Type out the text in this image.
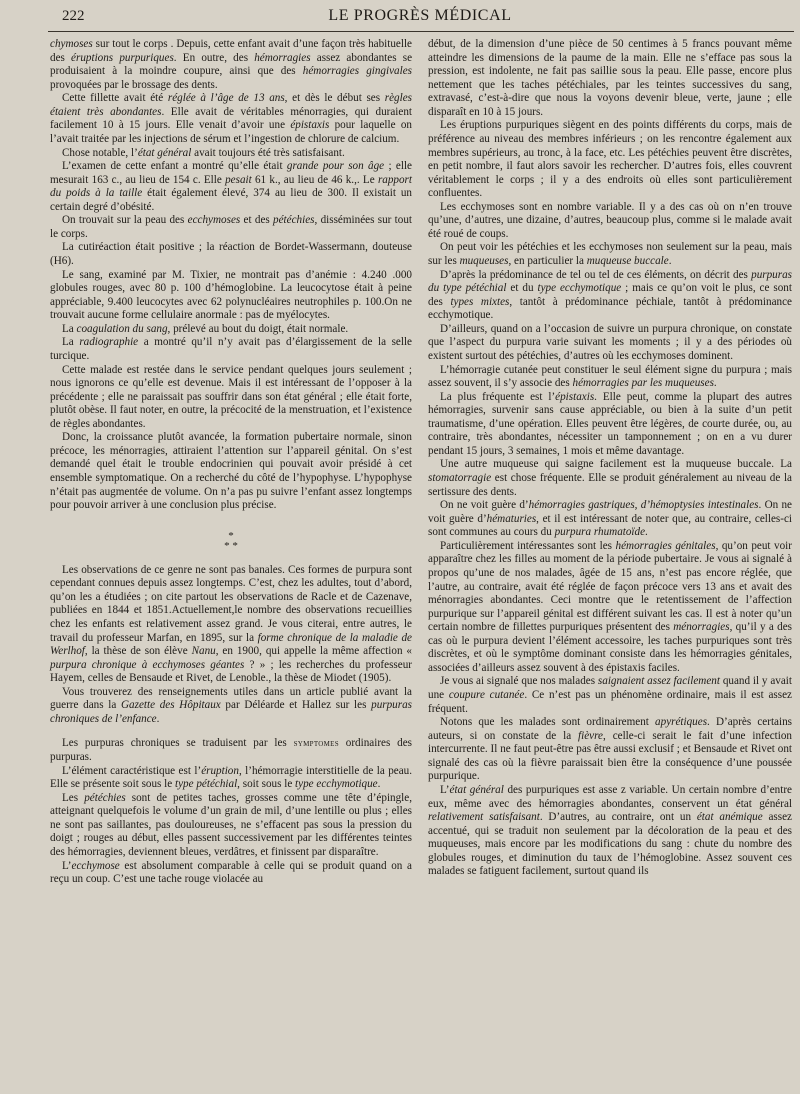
222	LE PROGRÈS MÉDICAL

chymoses sur tout le corps . Depuis, cette enfant avait d’une façon très habituelle des éruptions purpuriques. En outre, des hémorragies assez abondantes se produisaient à la moindre coupure, ainsi que des hémorragies gingivales provoquées par le brossage des dents.

Cette fillette avait été réglée à l’âge de 13 ans, et dès le début ses règles étaient très abondantes. Elle avait de véritables ménorragies, qui duraient facilement 10 à 15 jours. Elle venait d’avoir une épistaxis pour laquelle on l’avait traitée par les injections de sérum et l’ingestion de chlorure de calcium.

Chose notable, l’état général avait toujours été très satisfaisant.

L’examen de cette enfant a montré qu’elle était grande pour son âge ; elle mesurait 163 c., au lieu de 154 c. Elle pesait 61 k., au lieu de 46 k.,. Le rapport du poids à la taille était également élevé, 374 au lieu de 300. Il existait un certain degré d’obésité.

On trouvait sur la peau des ecchymoses et des pétéchies, disséminées sur tout le corps.

La cutiréaction était positive ; la réaction de Bordet-Wassermann, douteuse (H6).

Le sang, examiné par M. Tixier, ne montrait pas d’anémie : 4.240 .000 globules rouges, avec 80 p. 100 d’hémoglobine. La leucocytose était à peine appréciable, 9.400 leucocytes avec 62 polynucléaires neutrophiles p. 100.On ne trouvait aucune forme cellulaire anormale : pas de myélocytes.

La coagulation du sang, prélevé au bout du doigt, était normale.

La radiographie a montré qu’il n’y avait pas d’élargissement de la selle turcique.

Cette malade est restée dans le service pendant quelques jours seulement ; nous ignorons ce qu’elle est devenue. Mais il est intéressant de l’opposer à la précédente ; elle ne paraissait pas souffrir dans son état général ; elle était forte, plutôt obèse. Il faut noter, en outre, la précocité de la menstruation, et l’existence de règles abondantes.

Donc, la croissance plutôt avancée, la formation pubertaire normale, sinon précoce, les ménorragies, attiraient l’attention sur l’appareil génital. On s’est demandé quel était le trouble endocrinien qui pouvait avoir présidé à cet ensemble symptomatique. On a recherché du côté de l’hypophyse. L’hypophyse n’était pas augmentée de volume. On n’a pas pu suivre l’enfant assez longtemps pour pouvoir arriver à une conclusion plus précise.

*
* *

Les observations de ce genre ne sont pas banales. Ces formes de purpura sont cependant connues depuis assez longtemps. C’est, chez les adultes, tout d’abord, qu’on les a étudiées ; on cite partout les observations de Racle et de Cazenave, publiées en 1844 et 1851.Actuellement,le nombre des observations recueillies chez les enfants est relativement assez grand. Je vous citerai, entre autres, le travail du professeur Marfan, en 1895, sur la forme chronique de la maladie de Werlhof, la thèse de son élève Nanu, en 1900, qui appelle la même affection « purpura chronique à ecchymoses géantes ? » ; les recherches du professeur Hayem, celles de Bensaude et Rivet, de Lenoble., la thèse de Miodet (1905).

Vous trouverez des renseignements utiles dans un article publié avant la guerre dans la Gazette des Hôpitaux par Déléarde et Hallez sur les purpuras chroniques de l’enfance.

Les purpuras chroniques se traduisent par les symptomes ordinaires des purpuras.

L’élément caractéristique est l’éruption, l’hémorragie interstitielle de la peau. Elle se présente soit sous le type pétéchial, soit sous le type ecchymotique.

Les pétéchies sont de petites taches, grosses comme une tête d’épingle, atteignant quelquefois le volume d’un grain de mil, d’une lentille ou plus ; elles ne sont pas saillantes, pas douloureuses, ne s’effacent pas sous la pression du doigt ; rouges au début, elles passent successivement par les différentes teintes des hémorragies, deviennent bleues, verdâtres, et finissent par disparaître.

L’ecchymose est absolument comparable à celle qui se produit quand on a reçu un coup. C’est une tache rouge violacée au

début, de la dimension d’une pièce de 50 centimes à 5 francs pouvant même atteindre les dimensions de la paume de la main. Elle ne s’efface pas sous la pression, est indolente, ne fait pas saillie sous la peau. Elle passe, encore plus nettement que les taches pétéchiales, par les teintes successives du sang, extravasé, c’est-à-dire que nous la voyons devenir bleue, verte, jaune ; elle disparaît en 10 à 15 jours.

Les éruptions purpuriques siègent en des points différents du corps, mais de préférence au niveau des membres inférieurs ; on les rencontre également aux membres supérieurs, au tronc, à la face, etc. Les pétéchies peuvent être discrètes, en petit nombre, il faut alors savoir les rechercher. D’autres fois, elles couvrent véritablement le corps ; il y a des endroits où elles sont particulièrement confluentes.

Les ecchymoses sont en nombre variable. Il y a des cas où on n’en trouve qu’une, d’autres, une dizaine, d’autres, beaucoup plus, comme si le malade avait été roué de coups.

On peut voir les pétéchies et les ecchymoses non seulement sur la peau, mais sur les muqueuses, en particulier la muqueuse buccale.

D’après la prédominance de tel ou tel de ces éléments, on décrit des purpuras du type pétéchial et du type ecchymotique ; mais ce qu’on voit le plus, ce sont des types mixtes, tantôt à prédominance péchiale, tantôt à prédominance ecchymotique.

D’ailleurs, quand on a l’occasion de suivre un purpura chronique, on constate que l’aspect du purpura varie suivant les moments ; il y a des périodes où existent surtout des pétéchies, d’autres où les ecchymoses dominent.

L’hémorragie cutanée peut constituer le seul élément signe du purpura ; mais assez souvent, il s’y associe des hémorragies par les muqueuses.

La plus fréquente est l’épistaxis. Elle peut, comme la plupart des autres hémorragies, survenir sans cause appréciable, ou bien à la suite d’un petit traumatisme, d’une opération. Elles peuvent être légères, de courte durée, ou, au contraire, très abondantes, nécessiter un tamponnement ; on en a vu durer pendant 15 jours, 3 semaines, 1 mois et même davantage.

Une autre muqueuse qui saigne facilement est la muqueuse buccale. La stomatorragie est chose fréquente. Elle se produit généralement au niveau de la sertissure des dents.

On ne voit guère d’hémorragies gastriques, d’hémoptysies intestinales. On ne voit guère d’hématuries, et il est intéressant de noter que, au contraire, celles-ci sont communes au cours du purpura rhumatoïde.

Particulièrement intéressantes sont les hémorragies génitales, qu’on peut voir apparaître chez les filles au moment de la période pubertaire. Je vous ai signalé à propos qu’une de nos malades, âgée de 15 ans, n’est pas encore réglée, que l’autre, au contraire, avait été réglée de façon précoce vers 13 ans et avait des ménorragies abondantes. Ceci montre que le retentissement de l’affection purpurique sur l’appareil génital est différent suivant les cas. Il est à noter qu’un certain nombre de fillettes purpuriques présentent des ménorragies, qu’il y a des cas où le purpura devient l’élément accessoire, les taches purpuriques sont très discrètes, et où le symptôme dominant consiste dans les hémorragies génitales, associées d’ailleurs assez souvent à des épistaxis faciles.

Je vous ai signalé que nos malades saignaient assez facilement quand il y avait une coupure cutanée. Ce n’est pas un phénomène ordinaire, mais il est assez fréquent.

Notons que les malades sont ordinairement apyrétiques. D’après certains auteurs, si on constate de la fièvre, celle-ci serait le fait d’une infection intercurrente. Il ne faut peut-être pas être aussi exclusif ; et Bensaude et Rivet ont signalé des cas où la fièvre paraissait bien être la conséquence d’une poussée purpurique.

L’état général des purpuriques est asse z variable. Un certain nombre d’entre eux, même avec des hémorragies abondantes, conservent un état général relativement satisfaisant. D’autres, au contraire, ont un état anémique assez accentué, qui se traduit non seulement par la décoloration de la peau et des muqueuses, mais encore par les modifications du sang : chute du nombre des globules rouges, et diminution du taux de l’hémoglobine. Assez souvent ces malades se fatiguent facilement, surtout quand ils
